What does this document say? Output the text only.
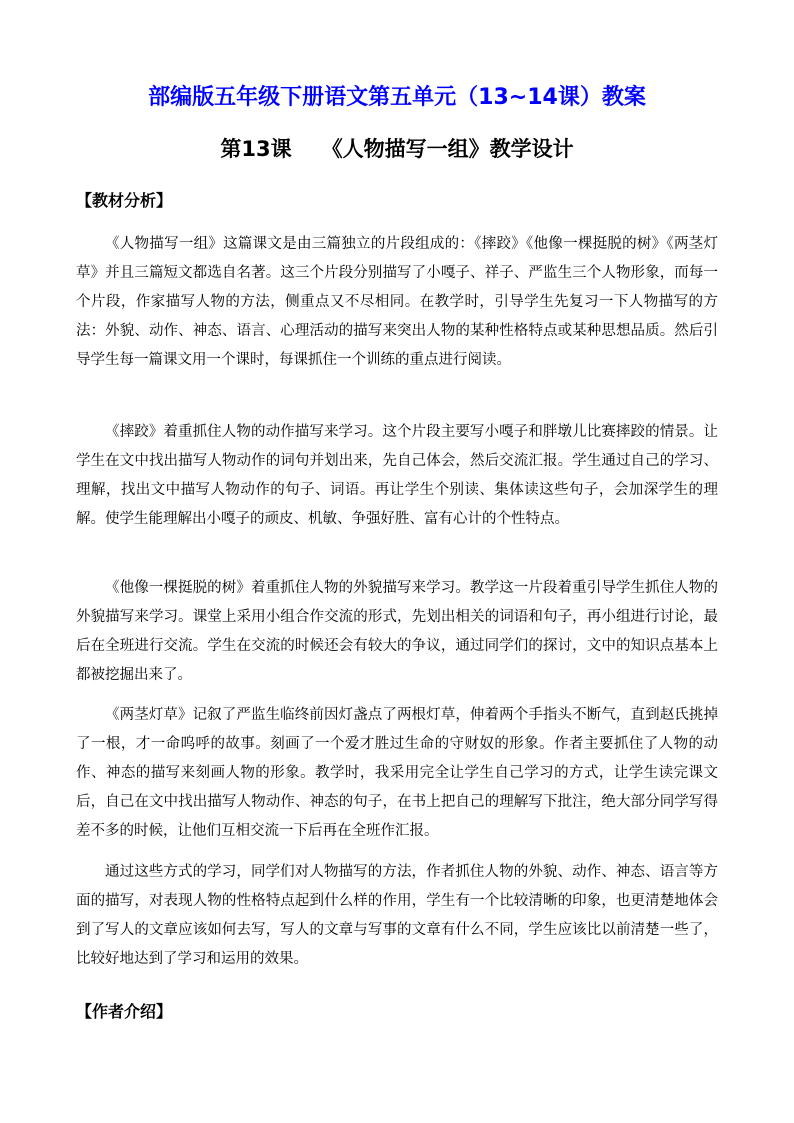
部编版五年级下册语文第五单元（13~14课）教案
第13课 《人物描写一组》教学设计
【教材分析】

《人物描写一组》这篇课文是由三篇独立的片段组成的：《摔跤》《他像一棵挺脱的树》《两茎灯草》并且三篇短文都选自名著。这三个片段分别描写了小嘎子、祥子、严监生三个人物形象，而每一个片段，作家描写人物的方法，侧重点又不尽相同。在教学时，引导学生先复习一下人物描写的方法：外貌、动作、神态、语言、心理活动的描写来突出人物的某种性格特点或某种思想品质。然后引导学生每一篇课文用一个课时，每课抓住一个训练的重点进行阅读。

《摔跤》着重抓住人物的动作描写来学习。这个片段主要写小嘎子和胖墩儿比赛摔跤的情景。让学生在文中找出描写人物动作的词句并划出来，先自己体会，然后交流汇报。学生通过自己的学习、理解，找出文中描写人物动作的句子、词语。再让学生个别读、集体读这些句子，会加深学生的理解。使学生能理解出小嘎子的顽皮、机敏、争强好胜、富有心计的个性特点。

《他像一棵挺脱的树》着重抓住人物的外貌描写来学习。教学这一片段着重引导学生抓住人物的外貌描写来学习。课堂上采用小组合作交流的形式，先划出相关的词语和句子，再小组进行讨论，最后在全班进行交流。学生在交流的时候还会有较大的争议，通过同学们的探讨，文中的知识点基本上都被挖掘出来了。

《两茎灯草》记叙了严监生临终前因灯盏点了两根灯草，伸着两个手指头不断气，直到赵氏挑掉了一根，才一命呜呼的故事。刻画了一个爱才胜过生命的守财奴的形象。作者主要抓住了人物的动作、神态的描写来刻画人物的形象。教学时，我采用完全让学生自己学习的方式，让学生读完课文后，自己在文中找出描写人物动作、神态的句子，在书上把自己的理解写下批注，绝大部分同学写得差不多的时候，让他们互相交流一下后再在全班作汇报。

通过这些方式的学习，同学们对人物描写的方法，作者抓住人物的外貌、动作、神态、语言等方面的描写，对表现人物的性格特点起到什么样的作用，学生有一个比较清晰的印象，也更清楚地体会到了写人的文章应该如何去写，写人的文章与写事的文章有什么不同，学生应该比以前清楚一些了，比较好地达到了学习和运用的效果。

【作者介绍】
